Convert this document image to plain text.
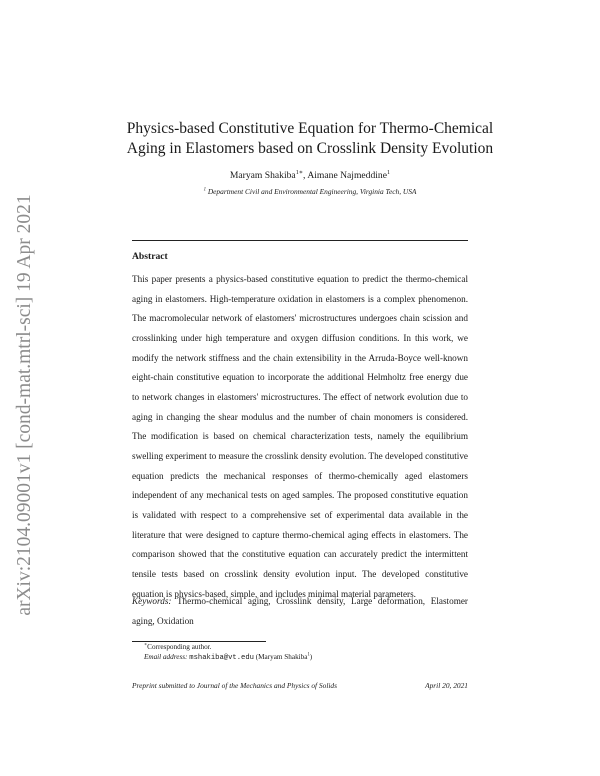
arXiv:2104.09001v1 [cond-mat.mtrl-sci] 19 Apr 2021
Physics-based Constitutive Equation for Thermo-Chemical
Aging in Elastomers based on Crosslink Density Evolution
Maryam Shakiba$^{1∗}$, Aimane Najmeddine$^1$
$^1$ Department Civil and Environmental Engineering, Virginia Tech, USA
Abstract
This paper presents a physics-based constitutive equation to predict the thermo-chemical aging in elastomers. High-temperature oxidation in elastomers is a complex phenomenon. The macromolecular network of elastomers' microstructures undergoes chain scission and crosslinking under high temperature and oxygen diffusion conditions. In this work, we modify the network stiffness and the chain extensibility in the Arruda-Boyce well-known eight-chain constitutive equation to incorporate the additional Helmholtz free energy due to network changes in elastomers' microstructures. The effect of network evolution due to aging in changing the shear modulus and the number of chain monomers is considered. The modification is based on chemical characterization tests, namely the equilibrium swelling experiment to measure the crosslink density evolution. The developed constitutive equation predicts the mechanical responses of thermo-chemically aged elastomers independent of any mechanical tests on aged samples. The proposed constitutive equation is validated with respect to a comprehensive set of experimental data available in the literature that were designed to capture thermo-chemical aging effects in elastomers. The comparison showed that the constitutive equation can accurately predict the intermittent tensile tests based on crosslink density evolution input. The developed constitutive equation is physics-based, simple, and includes minimal material parameters.
Keywords: Thermo-chemical aging, Crosslink density, Large deformation, Elastomer aging, Oxidation
∗Corresponding author.
Email address: mshakiba@vt.edu (Maryam Shakiba$^1$)
Preprint submitted to Journal of the Mechanics and Physics of Solids	April 20, 2021
